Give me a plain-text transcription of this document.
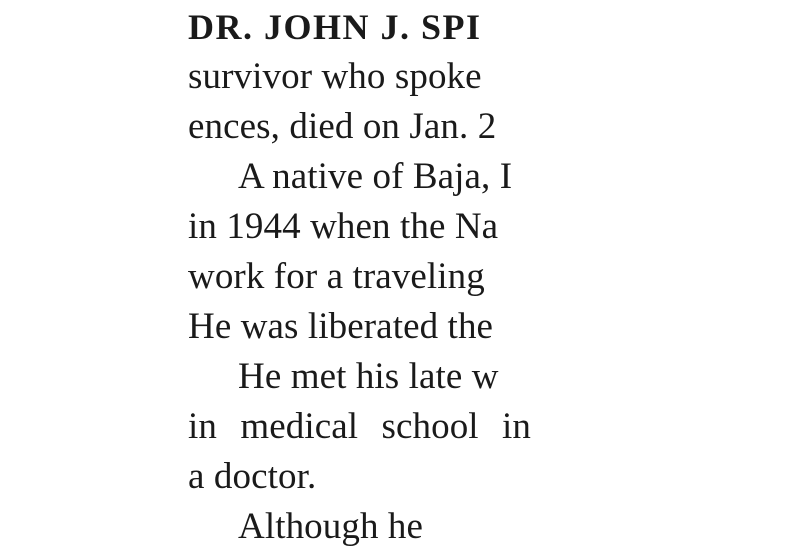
DR. JOHN J. SPI
survivor who spoke
ences, died on Jan. 2
A native of Baja, I
in 1944 when the Na
work for a traveling
He was liberated the
He met his late w
in medical school in
a doctor.
Although he
